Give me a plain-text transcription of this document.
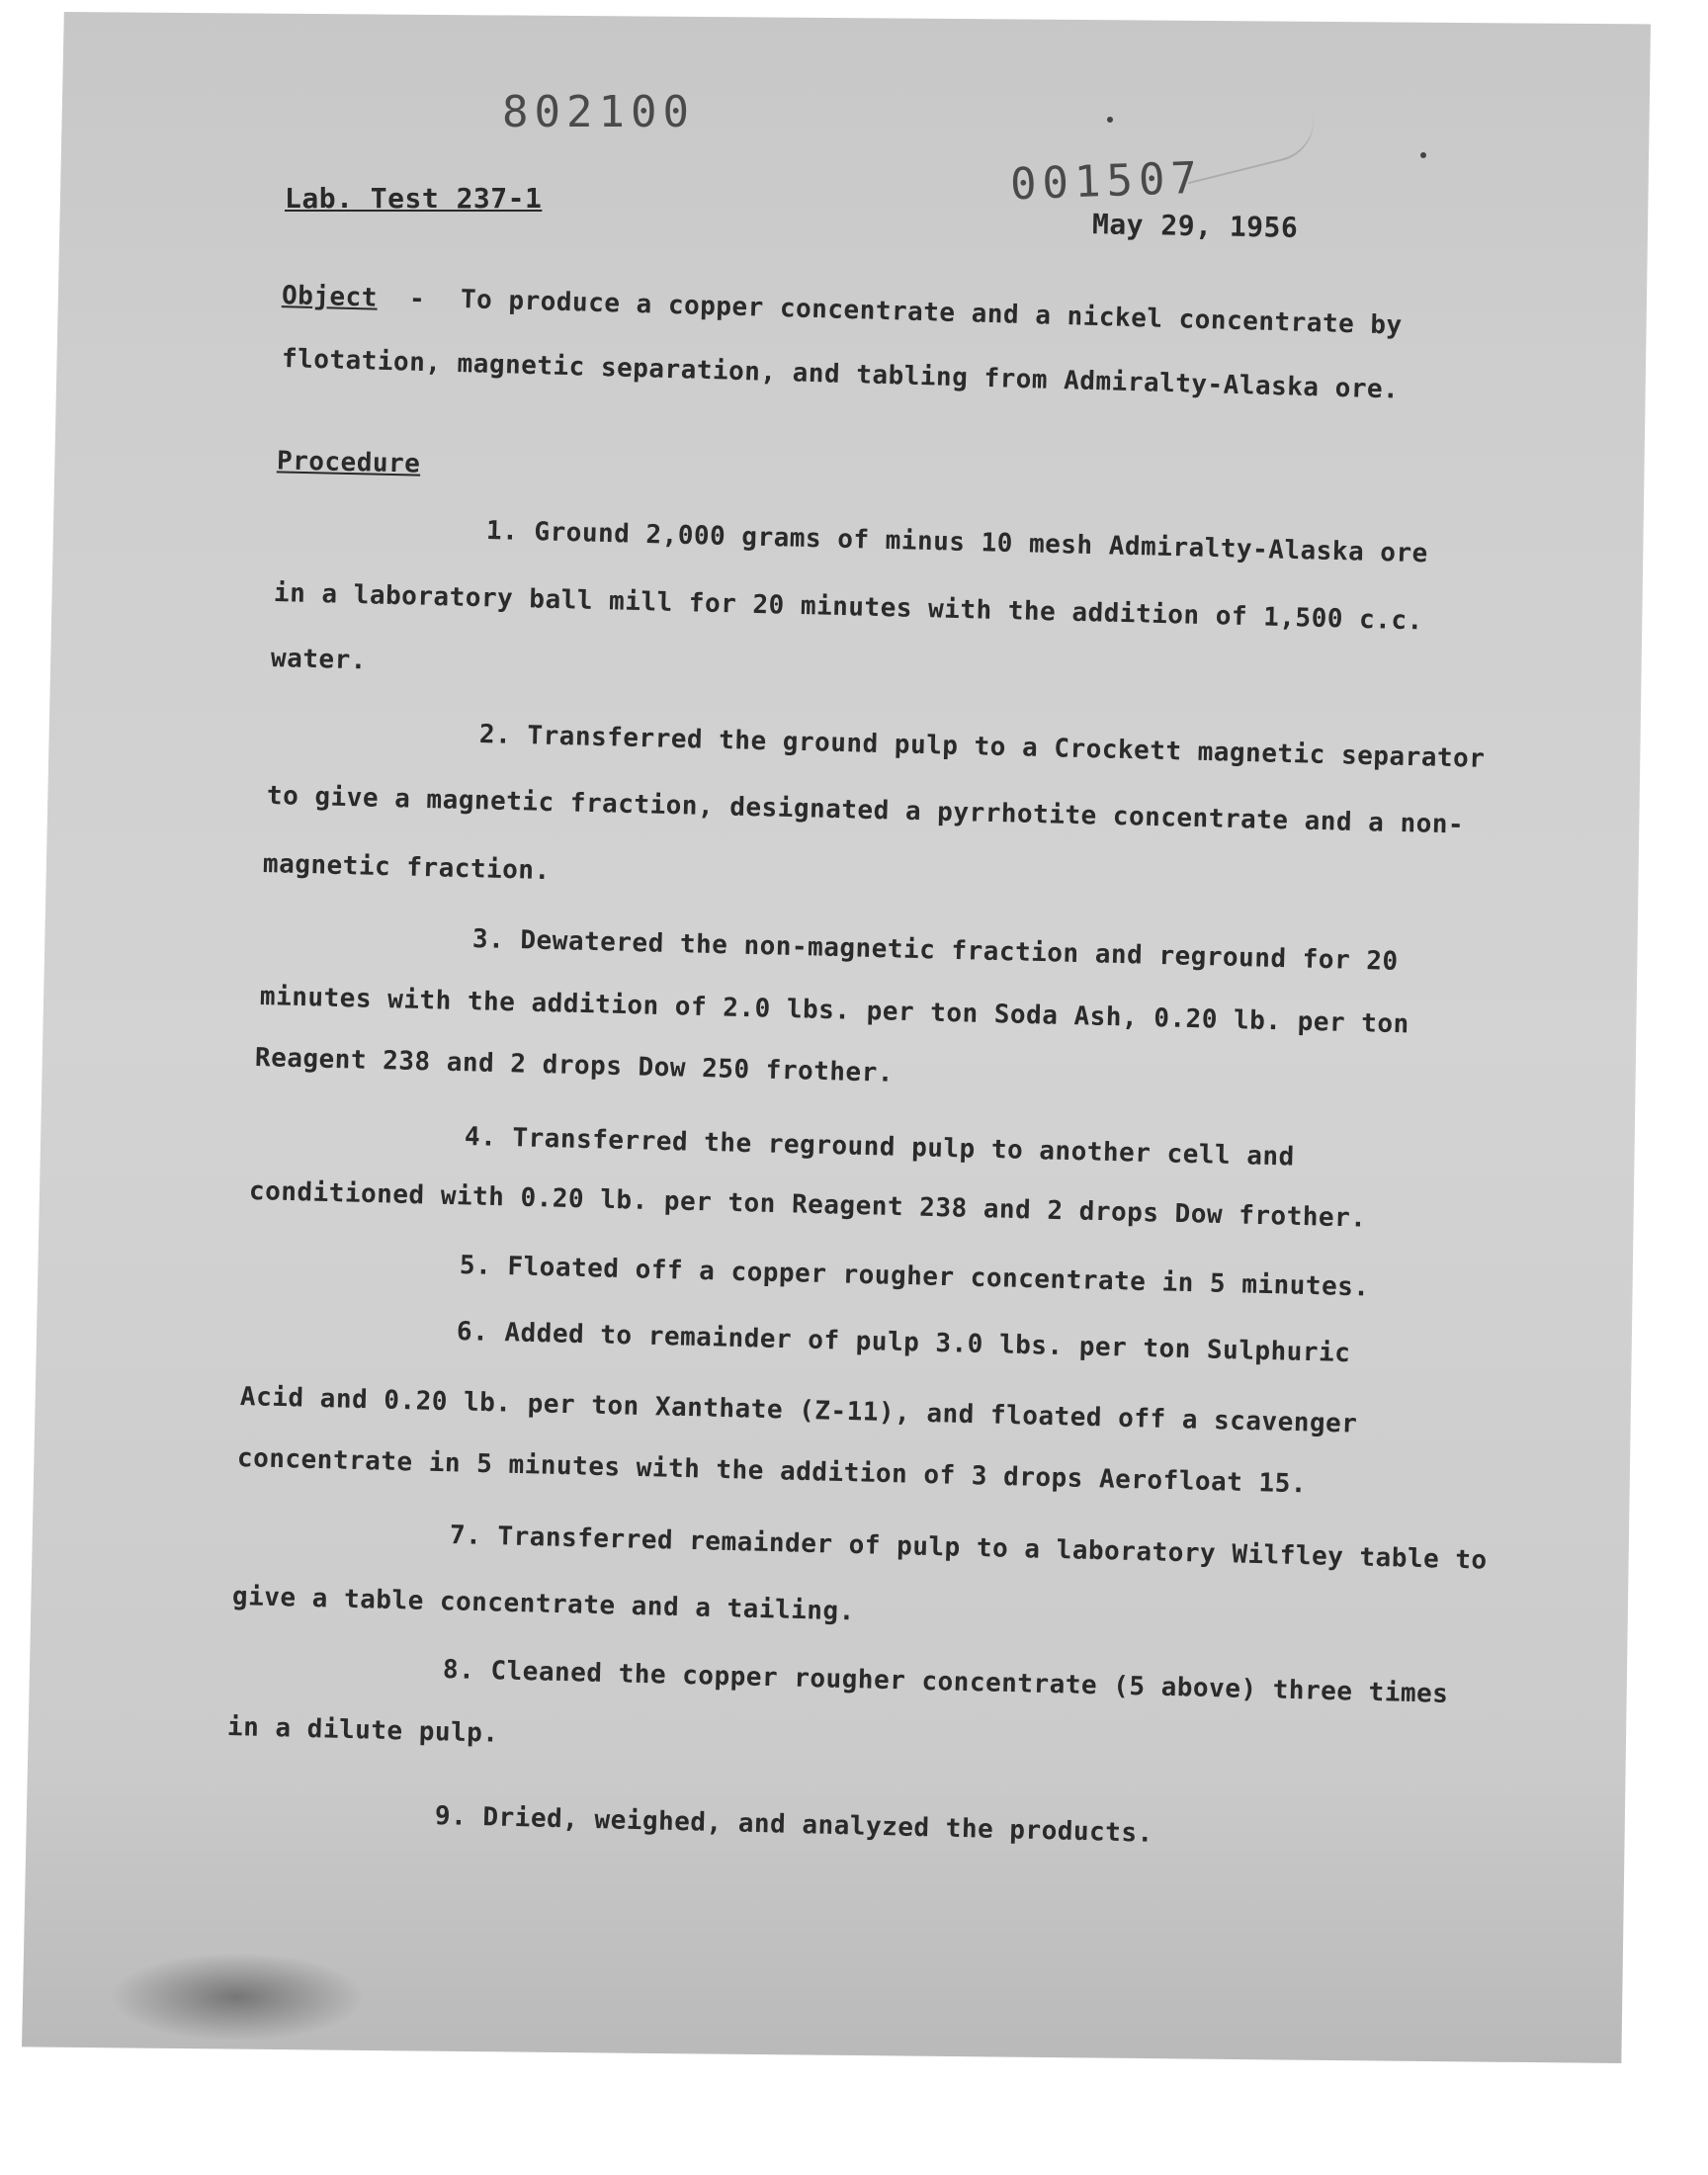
802100
Lab. Test 237-1	001507
May 29, 1956
Object - To produce a copper concentrate and a nickel concentrate by
flotation, magnetic separation, and tabling from Admiralty-Alaska ore.
Procedure
1. Ground 2,000 grams of minus 10 mesh Admiralty-Alaska ore
in a laboratory ball mill for 20 minutes with the addition of 1,500 c.c.
water.
2. Transferred the ground pulp to a Crockett magnetic separator
to give a magnetic fraction, designated a pyrrhotite concentrate and a non-
magnetic fraction.
3. Dewatered the non-magnetic fraction and reground for 20
minutes with the addition of 2.0 lbs. per ton Soda Ash, 0.20 lb. per ton
Reagent 238 and 2 drops Dow 250 frother.
4. Transferred the reground pulp to another cell and
conditioned with 0.20 lb. per ton Reagent 238 and 2 drops Dow frother.
5. Floated off a copper rougher concentrate in 5 minutes.
6. Added to remainder of pulp 3.0 lbs. per ton Sulphuric
Acid and 0.20 lb. per ton Xanthate (Z-11), and floated off a scavenger
concentrate in 5 minutes with the addition of 3 drops Aerofloat 15.
7. Transferred remainder of pulp to a laboratory Wilfley table to
give a table concentrate and a tailing.
8. Cleaned the copper rougher concentrate (5 above) three times
in a dilute pulp.
9. Dried, weighed, and analyzed the products.
